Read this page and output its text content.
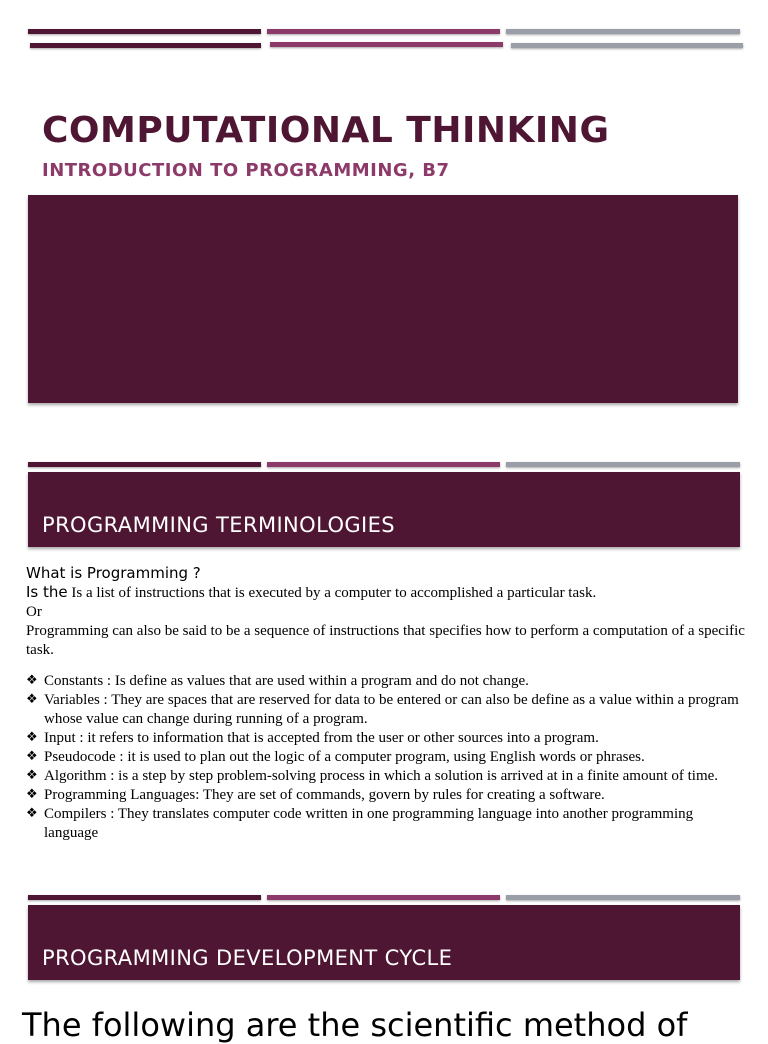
COMPUTATIONAL THINKING
INTRODUCTION TO PROGRAMMING, B7
PROGRAMMING TERMINOLOGIES
What is Programming ?
Is the Is a list of instructions that is executed by a computer to accomplished a particular task.
Or
Programming can also be said to be a sequence of instructions that specifies how to perform a computation of a specific task.
❖ Constants : Is define as values that are used within a program and do not change.
❖ Variables : They are spaces that are reserved for data to be entered or can also be define as a value within a program whose value can change during running of a program.
❖ Input : it refers to information that is accepted from the user or other sources into a program.
❖ Pseudocode : it is used to plan out the logic of a computer program, using English words or phrases.
❖ Algorithm : is a step by step problem-solving process in which a solution is arrived at in a finite amount of time.
❖ Programming Languages: They are set of commands, govern by rules for creating a software.
❖ Compilers : They translates computer code written in one programming language into another programming language
PROGRAMMING DEVELOPMENT CYCLE

The following are the scientific method of
